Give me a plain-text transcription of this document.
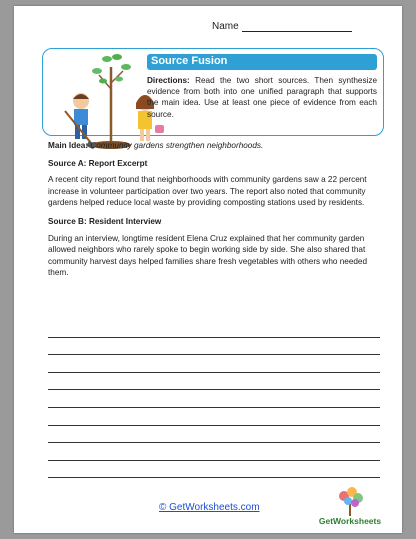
Name
Source Fusion
Directions: Read the two short sources. Then synthesize evidence from both into one unified paragraph that supports the main idea. Use at least one piece of evidence from each source.

Main Idea: Community gardens strengthen neighborhoods.

Source A: Report Excerpt

A recent city report found that neighborhoods with community gardens saw a 22 percent increase in volunteer participation over two years. The report also noted that community gardens helped reduce local waste by providing composting stations used by residents.

Source B: Resident Interview

During an interview, longtime resident Elena Cruz explained that her community garden allowed neighbors who rarely spoke to begin working side by side. She also shared that community harvest days helped families share fresh vegetables with others who needed them.

© GetWorksheets.com
GetWorksheets
